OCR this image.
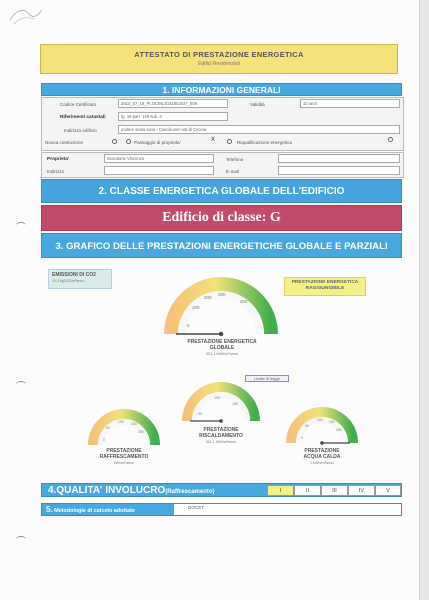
ATTESTATO DI PRESTAZIONE ENERGETICA
Edifici Residenziali
1. INFORMAZIONI GENERALI
Codice Certificato	2014_07_16_PLOCINL815180J037_009	Validità	10 anni
Riferimenti catastali	fg. 15 part. 126 sub. 3
Indirizzo edificio	podere santa lucia - Casciliumm Val di Cecina
Nuova costruzione	Passaggio di proprieta'	X	Riqualificazione energetica
Proprieta'	Giacalone Vincenzo	Telefono
Indirizzo	E-mail
2. CLASSE ENERGETICA GLOBALE DELL'EDIFICIO
Edificio di classe: G
3. GRAFICO DELLE PRESTAZIONI ENERGETICHE GLOBALE E PARZIALI
EMISSIONI DI CO2
10,3 kgCO2/m²anno	PRESTAZIONE ENERGETICA
RAGGIUNGIBILE
0
100
200
300
400
PRESTAZIONE ENERGETICA
GLOBALE
301,1 kWh/m²anno
Limite di legge
50
100
150
PRESTAZIONE
RISCALDAMENTO
301,1 kWh/m²anno
0
50
100 150
200
PRESTAZIONE
RAFFRESCAMENTO
kWh/m²anno
0
50
100 150
200
PRESTAZIONE
ACQUA CALDA
0 kWh/m²anno
4.QUALITA' INVOLUCRO(Raffrescamento)	I	II	III	IV	V
5. Metodologie di calcolo adottate
DOCET
